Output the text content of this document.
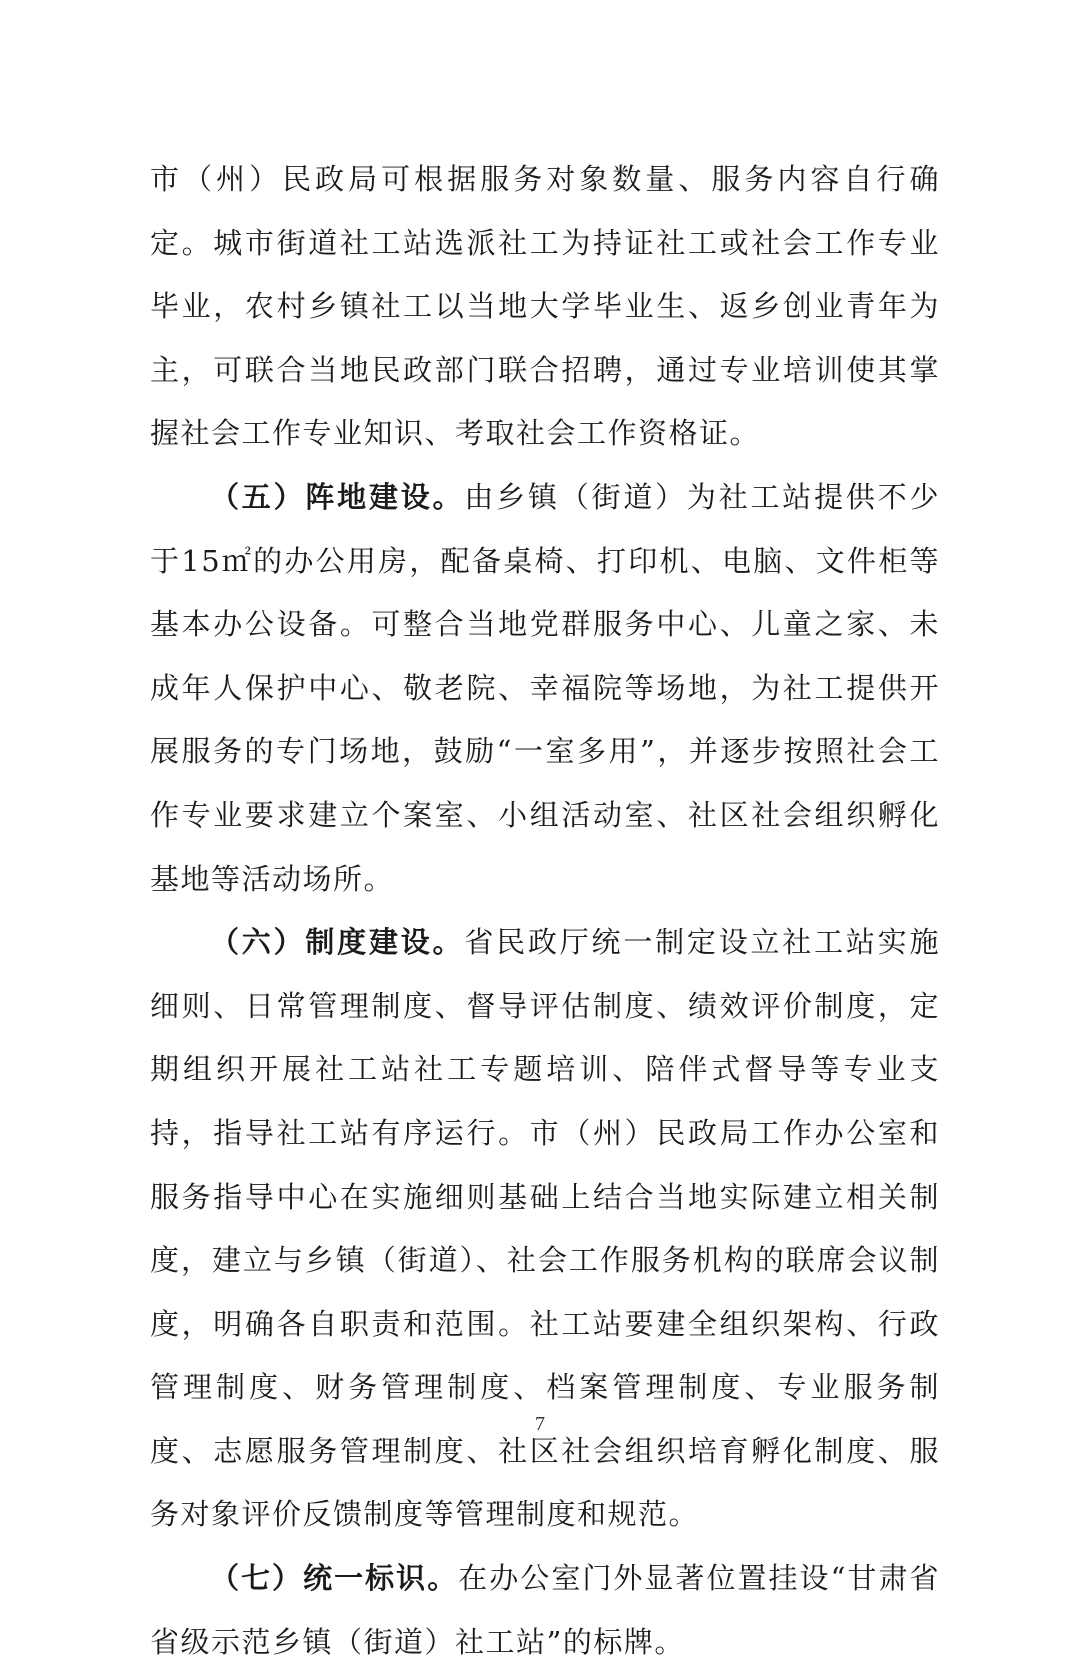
市（州）民政局可根据服务对象数量、服务内容自行确定。城市街道社工站选派社工为持证社工或社会工作专业毕业，农村乡镇社工以当地大学毕业生、返乡创业青年为主，可联合当地民政部门联合招聘，通过专业培训使其掌握社会工作专业知识、考取社会工作资格证。

（五）阵地建设。由乡镇（街道）为社工站提供不少于15㎡的办公用房，配备桌椅、打印机、电脑、文件柜等基本办公设备。可整合当地党群服务中心、儿童之家、未成年人保护中心、敬老院、幸福院等场地，为社工提供开展服务的专门场地，鼓励“一室多用”，并逐步按照社会工作专业要求建立个案室、小组活动室、社区社会组织孵化基地等活动场所。

（六）制度建设。省民政厅统一制定设立社工站实施细则、日常管理制度、督导评估制度、绩效评价制度，定期组织开展社工站社工专题培训、陪伴式督导等专业支持，指导社工站有序运行。市（州）民政局工作办公室和服务指导中心在实施细则基础上结合当地实际建立相关制度，建立与乡镇（街道）、社会工作服务机构的联席会议制度，明确各自职责和范围。社工站要建全组织架构、行政管理制度、财务管理制度、档案管理制度、专业服务制度、志愿服务管理制度、社区社会组织培育孵化制度、服务对象评价反馈制度等管理制度和规范。

（七）统一标识。在办公室门外显著位置挂设“甘肃省省级示范乡镇（街道）社工站”的标牌。

7
